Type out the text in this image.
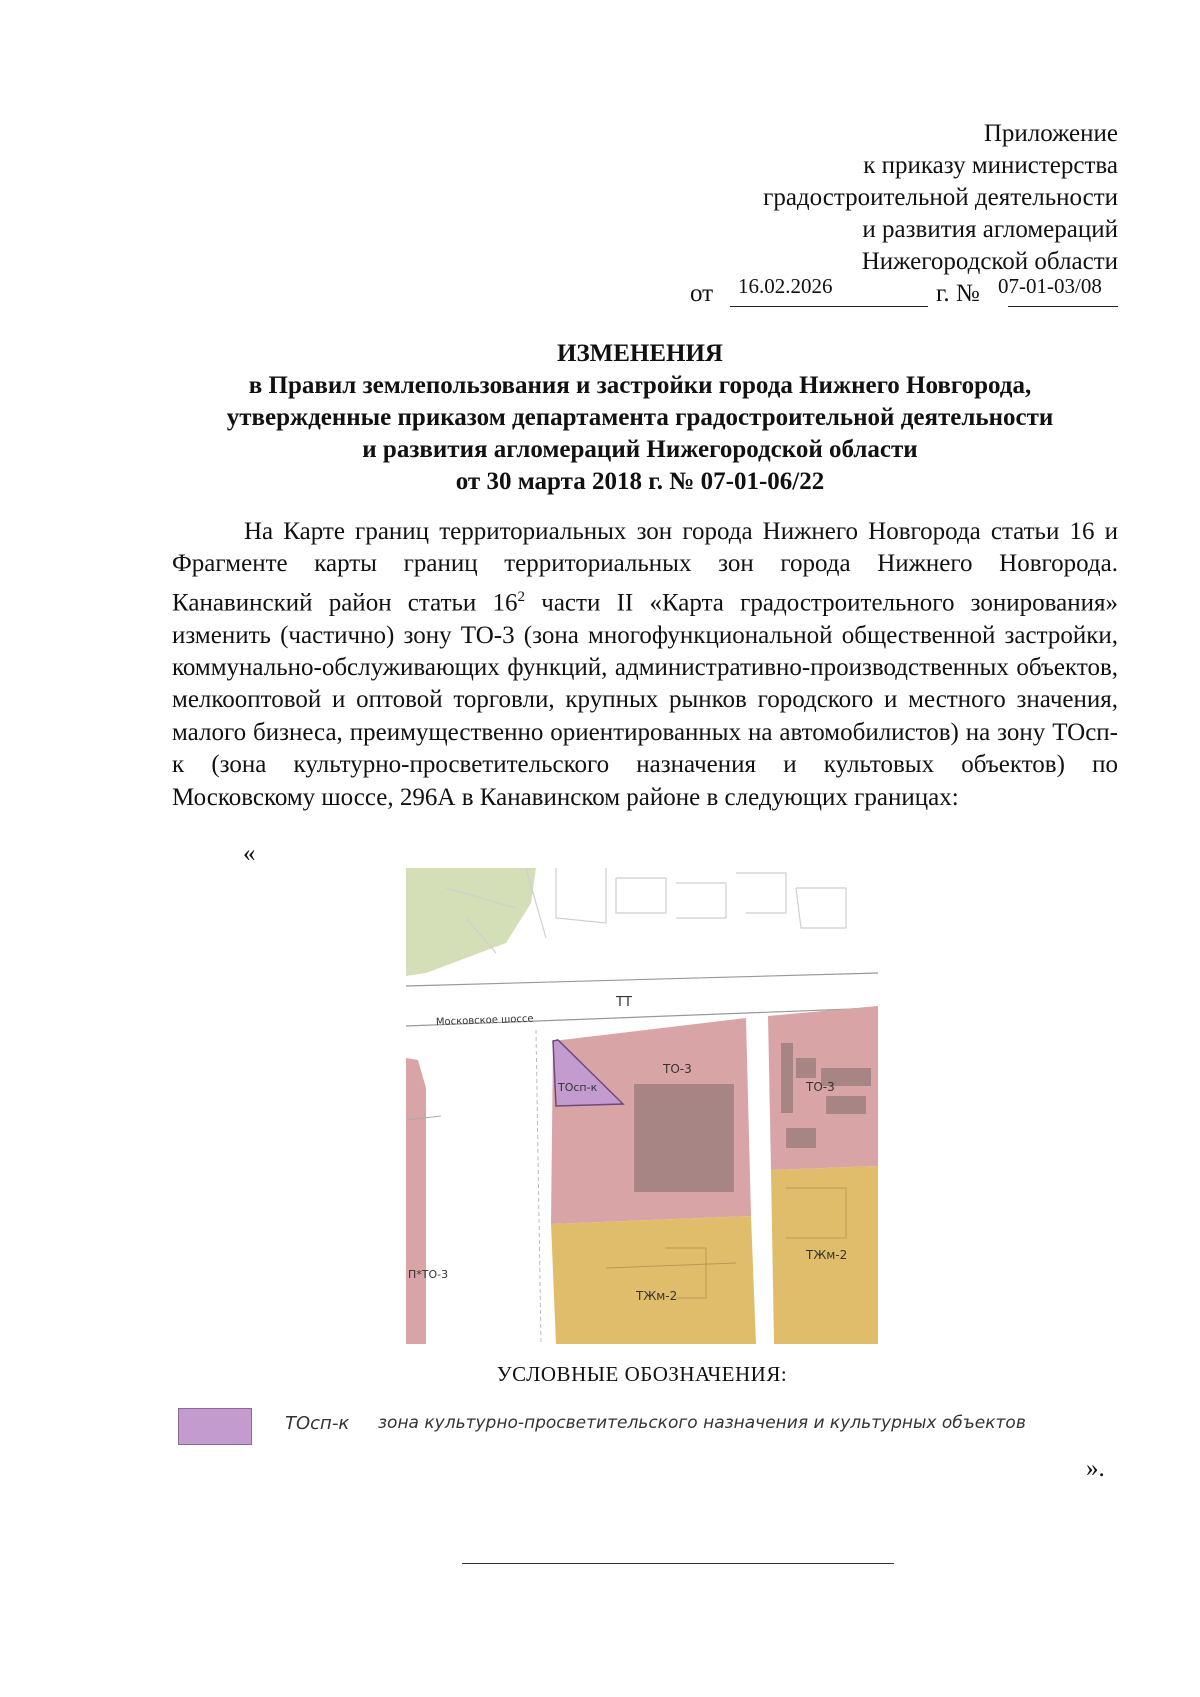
Приложение
к приказу министерства
градостроительной деятельности
и развития агломераций
Нижегородской области
от 16.02.2026	г. № 07-01-03/08
ИЗМЕНЕНИЯ
в Правил землепользования и застройки города Нижнего Новгорода,
утвержденные приказом департамента градостроительной деятельности
и развития агломераций Нижегородской области
от 30 марта 2018 г. № 07-01-06/22

На Карте границ территориальных зон города Нижнего Новгорода статьи 16 и Фрагменте карты границ территориальных зон города Нижнего Новгорода. Канавинский район статьи $16^2$ части II «Карта градостроительного зонирования» изменить (частично) зону ТО-3 (зона многофункциональной общественной застройки, коммунально-обслуживающих функций, административно-производственных объектов, мелкооптовой и оптовой торговли, крупных рынков городского и местного значения, малого бизнеса, преимущественно ориентированных на автомобилистов) на зону ТОсп-к (зона культурно-просветительского назначения и культовых объектов) по Московскому шоссе, 296А в Канавинском районе в следующих границах:

«
ТТ
Московское шоссе
ТО-3
ТОсп-к	ТО-3
П*ТО-3
ТЖм-2
ТЖм-2
УСЛОВНЫЕ ОБОЗНАЧЕНИЯ:
ТОсп-к зона культурно-просветительского назначения и культурных объектов
».
